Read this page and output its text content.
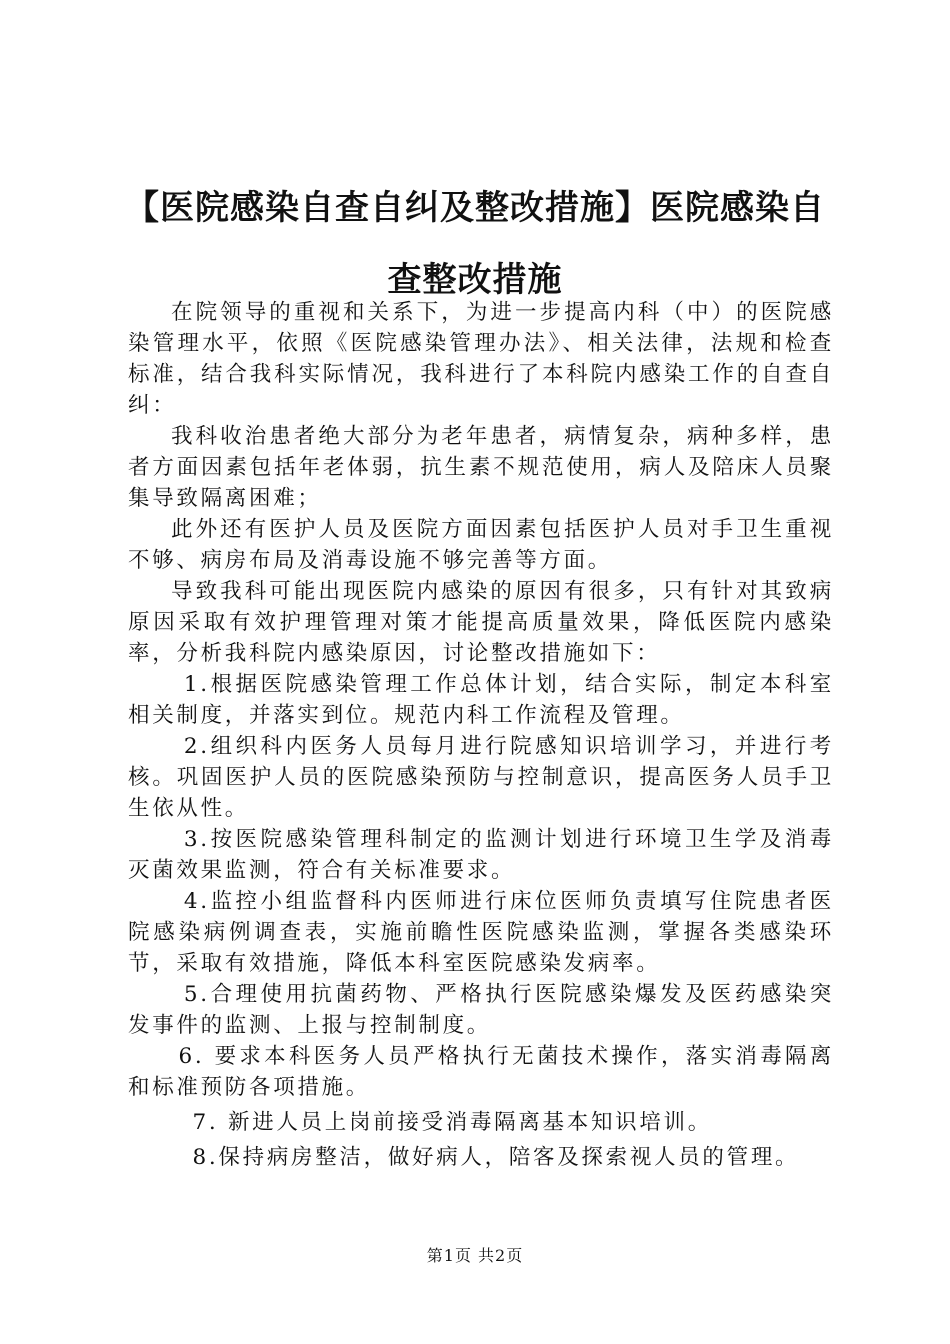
【医院感染自查自纠及整改措施】医院感染自
查整改措施

在院领导的重视和关系下，为进一步提高内科（中）的医院感染管理水平，依照《医院感染管理办法》、相关法律，法规和检查标准，结合我科实际情况，我科进行了本科院内感染工作的自查自纠：

我科收治患者绝大部分为老年患者，病情复杂，病种多样，患者方面因素包括年老体弱，抗生素不规范使用，病人及陪床人员聚集导致隔离困难；

此外还有医护人员及医院方面因素包括医护人员对手卫生重视不够、病房布局及消毒设施不够完善等方面。

导致我科可能出现医院内感染的原因有很多，只有针对其致病原因采取有效护理管理对策才能提高质量效果，降低医院内感染率，分析我科院内感染原因，讨论整改措施如下：

1.根据医院感染管理工作总体计划，结合实际，制定本科室相关制度，并落实到位。规范内科工作流程及管理。

2.组织科内医务人员每月进行院感知识培训学习，并进行考核。巩固医护人员的医院感染预防与控制意识，提高医务人员手卫生依从性。

3.按医院感染管理科制定的监测计划进行环境卫生学及消毒灭菌效果监测，符合有关标准要求。

4.监控小组监督科内医师进行床位医师负责填写住院患者医院感染病例调查表，实施前瞻性医院感染监测，掌握各类感染环节，采取有效措施，降低本科室医院感染发病率。

5.合理使用抗菌药物、严格执行医院感染爆发及医药感染突发事件的监测、上报与控制制度。

6. 要求本科医务人员严格执行无菌技术操作，落实消毒隔离和标准预防各项措施。

7. 新进人员上岗前接受消毒隔离基本知识培训。

8.保持病房整洁，做好病人，陪客及探索视人员的管理。

第1页 共2页
